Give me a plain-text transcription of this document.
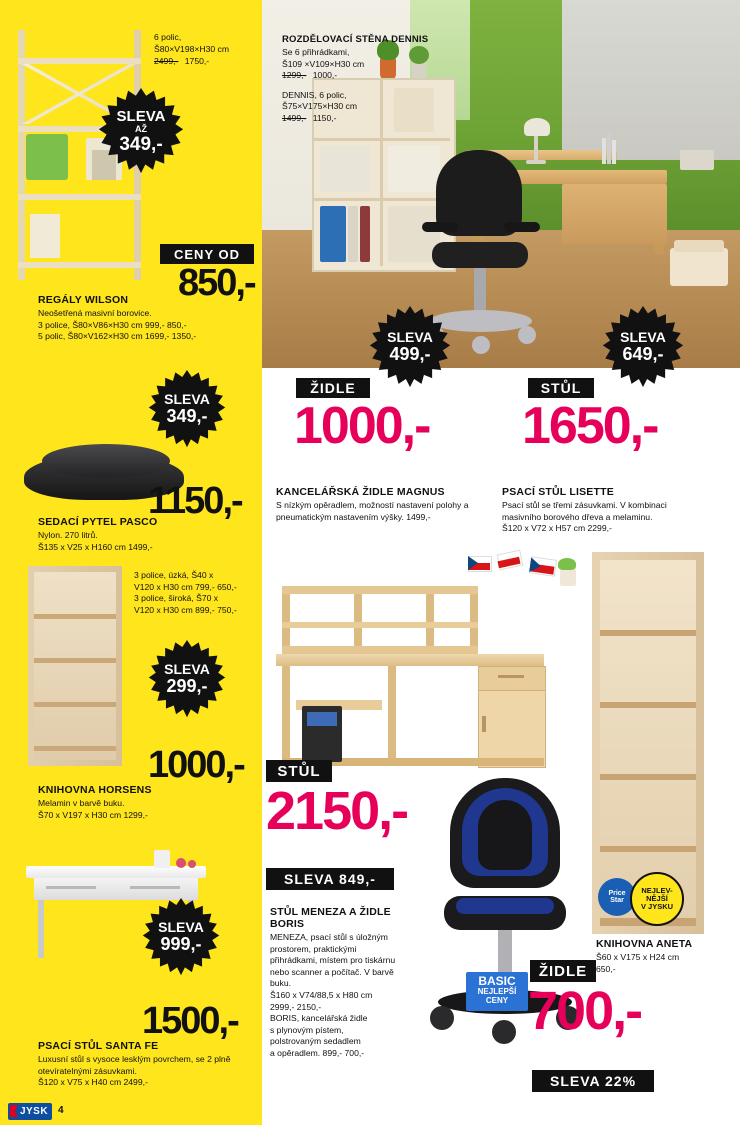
6 polic,

Š80×V198×H30 cm

2499,- 1750,-

SLEVA
AŽ
349,-
CENY OD
850,-
REGÁLY WILSON

Neošetřená masivní borovice.

3 police, Š80×V86×H30 cm 999,- 850,-

5 polic, Š80×V162×H30 cm 1699,- 1350,-

ROZDĚLOVACÍ STĚNA DENNIS

Se 6 přihrádkami,

Š109 ×V109×H30 cm

1299,- 1000,-

DENNIS, 6 polic,

Š75×V175×H30 cm

1499,- 1150,-

SLEVA
499,-
SLEVA
649,-
ŽIDLE
1000,-
STŮL
1650,-
KANCELÁŘSKÁ ŽIDLE MAGNUS

S nízkým opěradlem, možností nastavení polohy a pneumatickým nastavením výšky. 1499,-

PSACÍ STŮL LISETTE

Psací stůl se třemi zásuvkami. V kombinaci masivního borového dřeva a melaminu.

Š120 x V72 x H57 cm 2299,-

SLEVA
349,-
1150,-
SEDACÍ PYTEL PASCO

Nylon. 270 litrů.

Š135 x V25 x H160 cm 1499,-

3 police, úzká, Š40 x

V120 x H30 cm 799,- 650,-

3 police, široká, Š70 x

V120 x H30 cm 899,- 750,-

SLEVA
299,-
1000,-
KNIHOVNA HORSENS

Melamin v barvě buku.

Š70 x V197 x H30 cm 1299,-

SLEVA
999,-
1500,-
PSACÍ STŮL SANTA FE

Luxusní stůl s vysoce lesklým povrchem, se 2 plně otevíratelnými zásuvkami.

Š120 x V75 x H40 cm 2499,-

Price
Star
NEJLEV-
NĚJŠÍ
V JYSKU
KNIHOVNA ANETA

Š60 x V175 x H24 cm

650,-

STŮL
2150,-
SLEVA 849,-
STŮL MENEZA A ŽIDLE
BORIS

MENEZA, psací stůl s úložným prostorem, praktickými přihrádkami, místem pro tiskárnu nebo scanner a počítač. V barvě buku.

Š160 x V74/88,5 x H80 cm

2999,- 2150,-

BORIS, kancelářská židle

s plynovým pístem,

polstrovaným sedadlem

a opěradlem. 899,- 700,-

BASIC
NEJLEPŠÍ
CENY
ŽIDLE
700,-
SLEVA 22%
JYSK 4
